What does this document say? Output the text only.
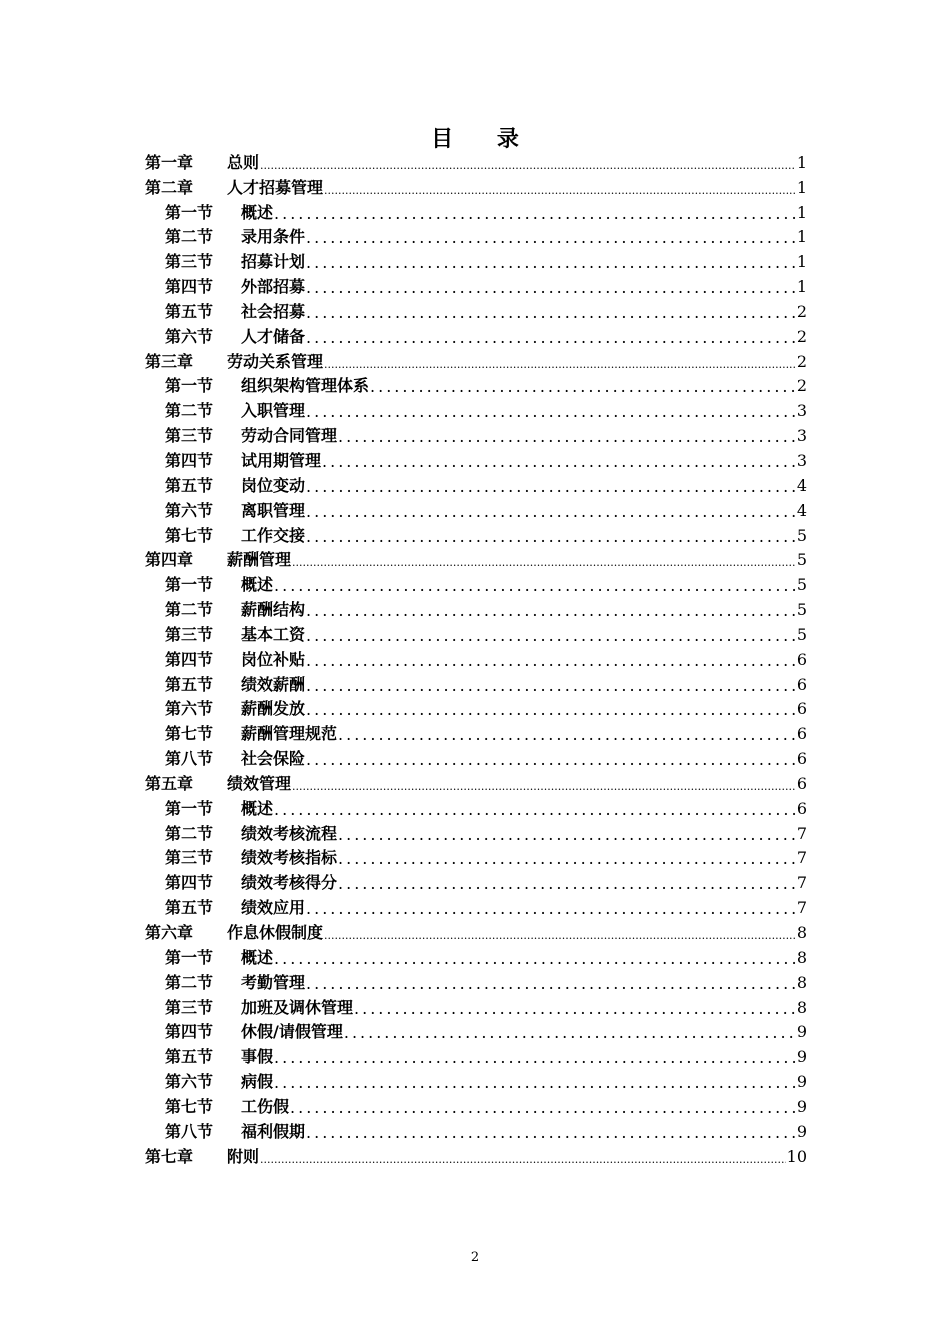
目 录
第一章	总则 .....	1
第二章	人才招募管理 .....	1
第一节	概述 .....	1
第二节	录用条件 .....	1
第三节	招募计划 .....	1
第四节	外部招募 .....	1
第五节	社会招募 .....	2
第六节	人才储备 .....	2
第三章	劳动关系管理 .....	2
第一节	组织架构管理体系 .....	2
第二节	入职管理 .....	3
第三节	劳动合同管理 .....	3
第四节	试用期管理 .....	3
第五节	岗位变动 .....	4
第六节	离职管理 .....	4
第七节	工作交接 .....	5
第四章	薪酬管理 .....	5
第一节	概述 .....	5
第二节	薪酬结构 .....	5
第三节	基本工资 .....	5
第四节	岗位补贴 .....	6
第五节	绩效薪酬 .....	6
第六节	薪酬发放 .....	6
第七节	薪酬管理规范 .....	6
第八节	社会保险 .....	6
第五章	绩效管理 .....	6
第一节	概述 .....	6
第二节	绩效考核流程 .....	7
第三节	绩效考核指标 .....	7
第四节	绩效考核得分 .....	7
第五节	绩效应用 .....	7
第六章	作息休假制度 .....	8
第一节	概述 .....	8
第二节	考勤管理 .....	8
第三节	加班及调休管理 .....	8
第四节	休假/请假管理 .....	9
第五节	事假 .....	9
第六节	病假 .....	9
第七节	工伤假 .....	9
第八节	福利假期 .....	9
第七章	附则 .....	10
2
